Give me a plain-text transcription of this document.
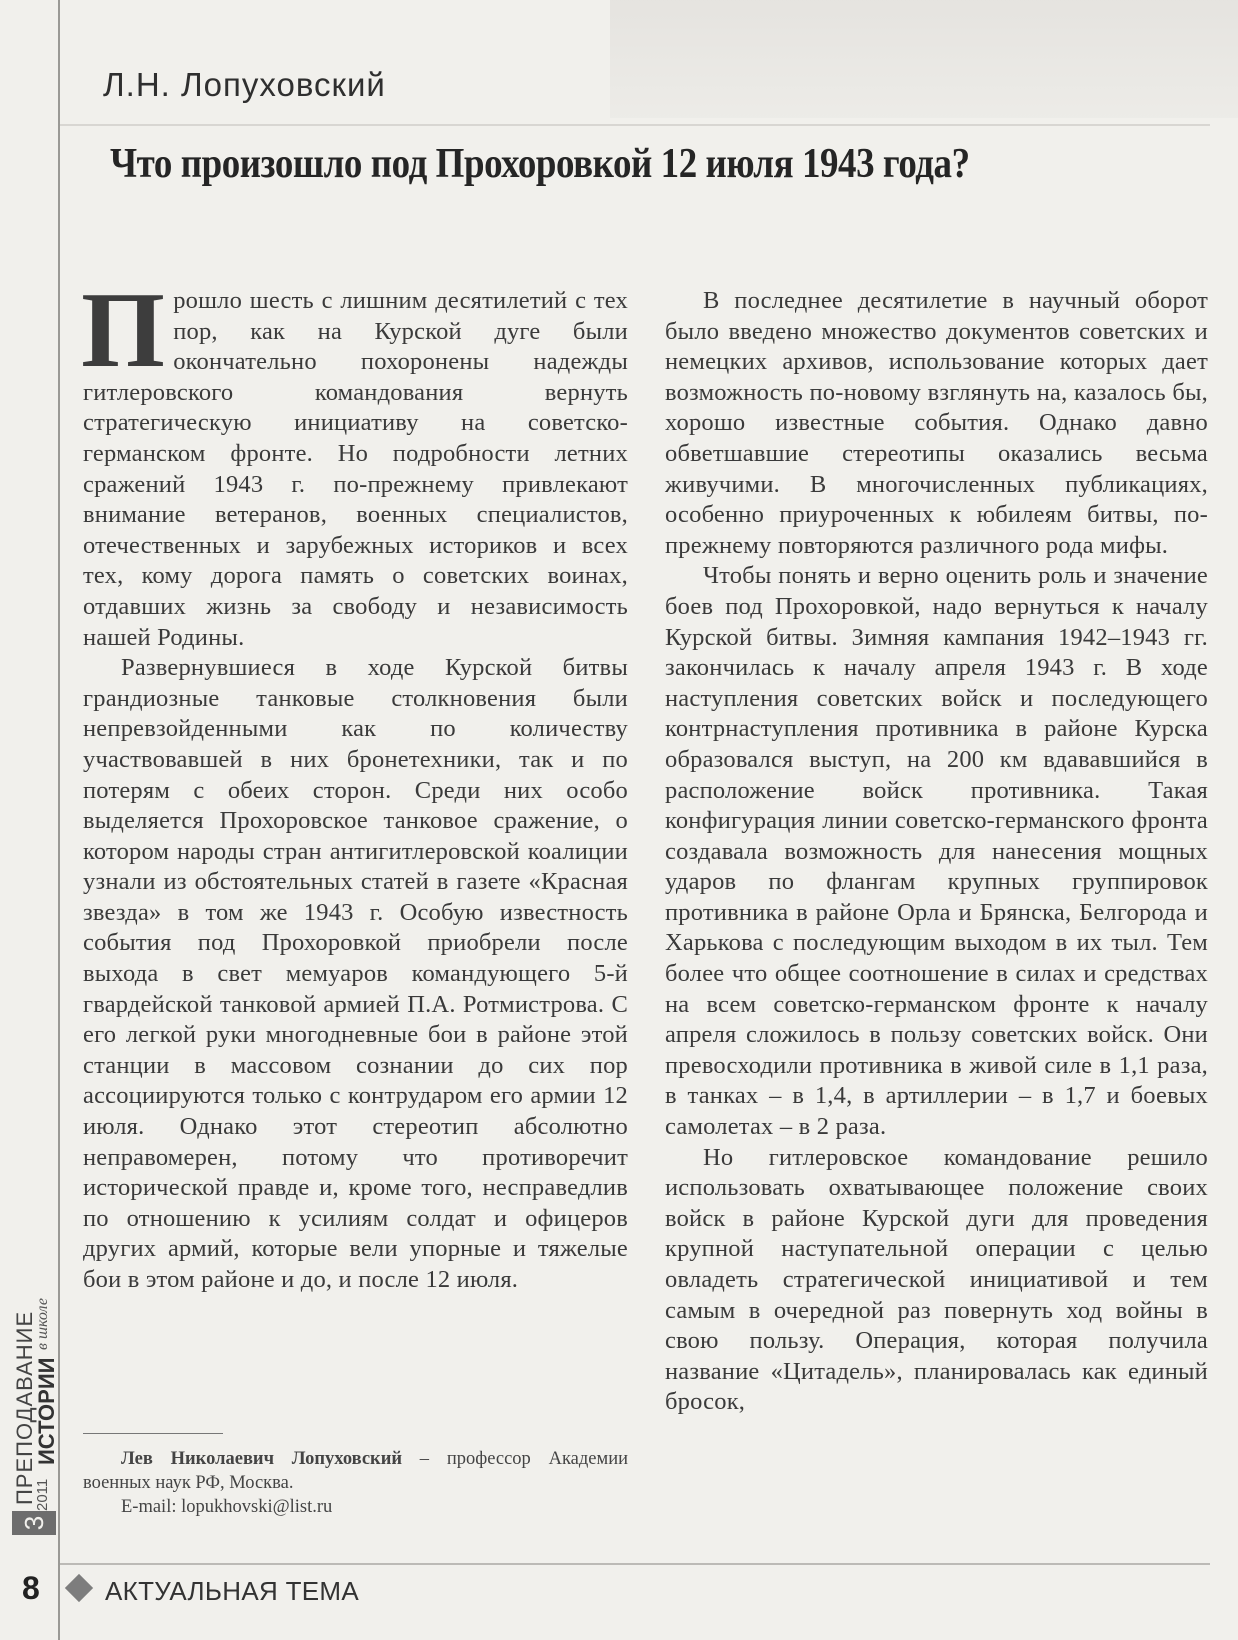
Л.Н. Лопуховский
Что произошло под Прохоровкой 12 июля 1943 года?

Прошло шесть с лишним десятилетий с тех пор, как на Курской дуге были окончательно похоронены надежды гитлеровского командования вернуть стратегическую инициативу на советско-германском фронте. Но подробности летних сражений 1943 г. по-прежнему привлекают внимание ветеранов, военных специалистов, отечественных и зарубежных историков и всех тех, кому дорога память о советских воинах, отдавших жизнь за свободу и независимость нашей Родины.

Развернувшиеся в ходе Курской битвы грандиозные танковые столкновения были непревзойденными как по количеству участвовавшей в них бронетехники, так и по потерям с обеих сторон. Среди них особо выделяется Прохоровское танковое сражение, о котором народы стран антигитлеровской коалиции узнали из обстоятельных статей в газете «Красная звезда» в том же 1943 г. Особую известность события под Прохоровкой приобрели после выхода в свет мемуаров командующего 5-й гвардейской танковой армией П.А. Ротмистрова. С его легкой руки многодневные бои в районе этой станции в массовом сознании до сих пор ассоциируются только с контрударом его армии 12 июля. Однако этот стереотип абсолютно неправомерен, потому что противоречит исторической правде и, кроме того, несправедлив по отношению к усилиям солдат и офицеров других армий, которые вели упорные и тяжелые бои в этом районе и до, и после 12 июля.

Лев Николаевич Лопуховский – профессор Академии военных наук РФ, Москва.

E-mail: lopukhovski@list.ru

В последнее десятилетие в научный оборот было введено множество документов советских и немецких архивов, использование которых дает возможность по-новому взглянуть на, казалось бы, хорошо известные события. Однако давно обветшавшие стереотипы оказались весьма живучими. В многочисленных публикациях, особенно приуроченных к юбилеям битвы, по-прежнему повторяются различного рода мифы.

Чтобы понять и верно оценить роль и значение боев под Прохоровкой, надо вернуться к началу Курской битвы. Зимняя кампания 1942–1943 гг. закончилась к началу апреля 1943 г. В ходе наступления советских войск и последующего контрнаступления противника в районе Курска образовался выступ, на 200 км вдававшийся в расположение войск противника. Такая конфигурация линии советско-германского фронта создавала возможность для нанесения мощных ударов по флангам крупных группировок противника в районе Орла и Брянска, Белгорода и Харькова с последующим выходом в их тыл. Тем более что общее соотношение в силах и средствах на всем советско-германском фронте к началу апреля сложилось в пользу советских войск. Они превосходили противника в живой силе в 1,1 раза, в танках – в 1,4, в артиллерии – в 1,7 и боевых самолетах – в 2 раза.

Но гитлеровское командование решило использовать охватывающее положение своих войск в районе Курской дуги для проведения крупной наступательной операции с целью овладеть стратегической инициативой и тем самым в очередной раз повернуть ход войны в свою пользу. Операция, которая получила название «Цитадель», планировалась как единый бросок,

3
ПРЕПОДАВАНИЕ
2011
ИСТОРИИ
в школе
8	АКТУАЛЬНАЯ ТЕМА
